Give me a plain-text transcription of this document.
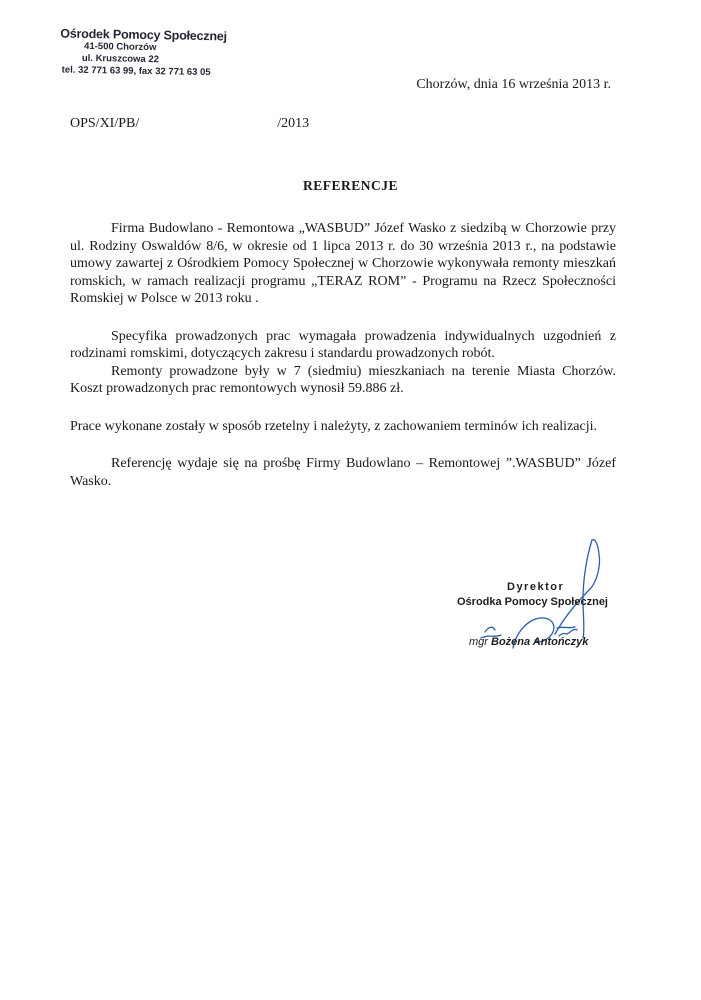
Ośrodek Pomocy Społecznej
41-500 Chorzów
ul. Kruszcowa 22
tel. 32 771 63 99, fax 32 771 63 05
Chorzów, dnia 16 września 2013 r.
OPS/XI/PB/	/2013
REFERENCJE

Firma Budowlano - Remontowa „WASBUD” Józef Wasko z siedzibą w Chorzowie przy ul. Rodziny Oswaldów 8/6, w okresie od 1 lipca 2013 r. do 30 września 2013 r., na podstawie umowy zawartej z Ośrodkiem Pomocy Społecznej w Chorzowie wykonywała remonty mieszkań romskich, w ramach realizacji programu „TERAZ ROM” - Programu na Rzecz Społeczności Romskiej w Polsce w 2013 roku .

Specyfika prowadzonych prac wymagała prowadzenia indywidualnych uzgodnień z rodzinami romskimi, dotyczących zakresu i standardu prowadzonych robót.

Remonty prowadzone były w 7 (siedmiu) mieszkaniach na terenie Miasta Chorzów. Koszt prowadzonych prac remontowych wynosił 59.886 zł.

Prace wykonane zostały w sposób rzetelny i należyty, z zachowaniem terminów ich realizacji.

Referencję wydaje się na prośbę Firmy Budowlano – Remontowej ”.WASBUD” Józef Wasko.

Dyrektor
Ośrodka Pomocy Społecznej
mgr Bożena Antończyk
